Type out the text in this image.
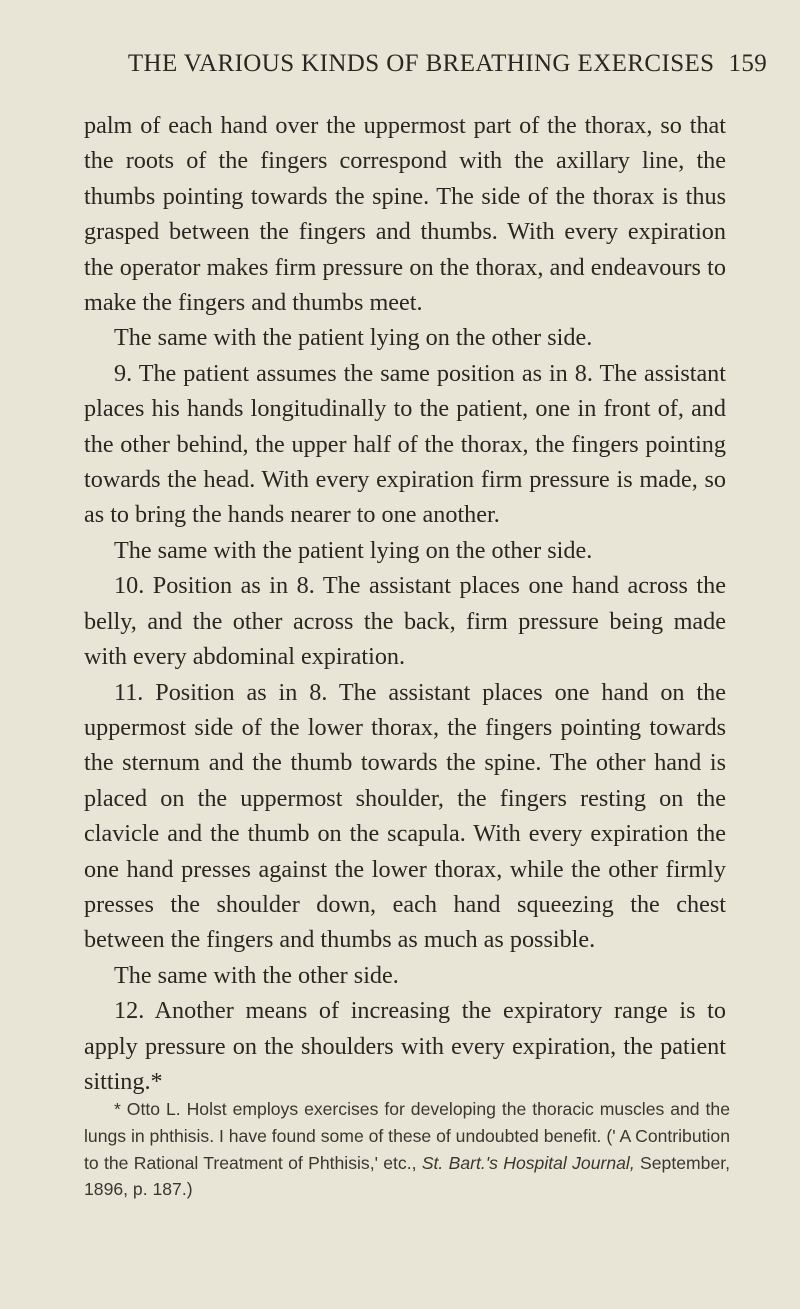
THE VARIOUS KINDS OF BREATHING EXERCISES 159

palm of each hand over the uppermost part of the thorax, so that the roots of the fingers correspond with the axillary line, the thumbs pointing towards the spine. The side of the thorax is thus grasped between the fingers and thumbs. With every expiration the operator makes firm pressure on the thorax, and endeavours to make the fingers and thumbs meet.

The same with the patient lying on the other side.

9. The patient assumes the same position as in 8. The assistant places his hands longitudinally to the patient, one in front of, and the other behind, the upper half of the thorax, the fingers pointing towards the head. With every expiration firm pressure is made, so as to bring the hands nearer to one another.

The same with the patient lying on the other side.

10. Position as in 8. The assistant places one hand across the belly, and the other across the back, firm pressure being made with every abdominal expiration.

11. Position as in 8. The assistant places one hand on the uppermost side of the lower thorax, the fingers pointing towards the sternum and the thumb towards the spine. The other hand is placed on the uppermost shoulder, the fingers resting on the clavicle and the thumb on the scapula. With every expiration the one hand presses against the lower thorax, while the other firmly presses the shoulder down, each hand squeezing the chest between the fingers and thumbs as much as possible.

The same with the other side.

12. Another means of increasing the expiratory range is to apply pressure on the shoulders with every expiration, the patient sitting.*

* Otto L. Holst employs exercises for developing the thoracic muscles and the lungs in phthisis. I have found some of these of undoubted benefit. (' A Contribution to the Rational Treatment of Phthisis,' etc., St. Bart.'s Hospital Journal, September, 1896, p. 187.)
